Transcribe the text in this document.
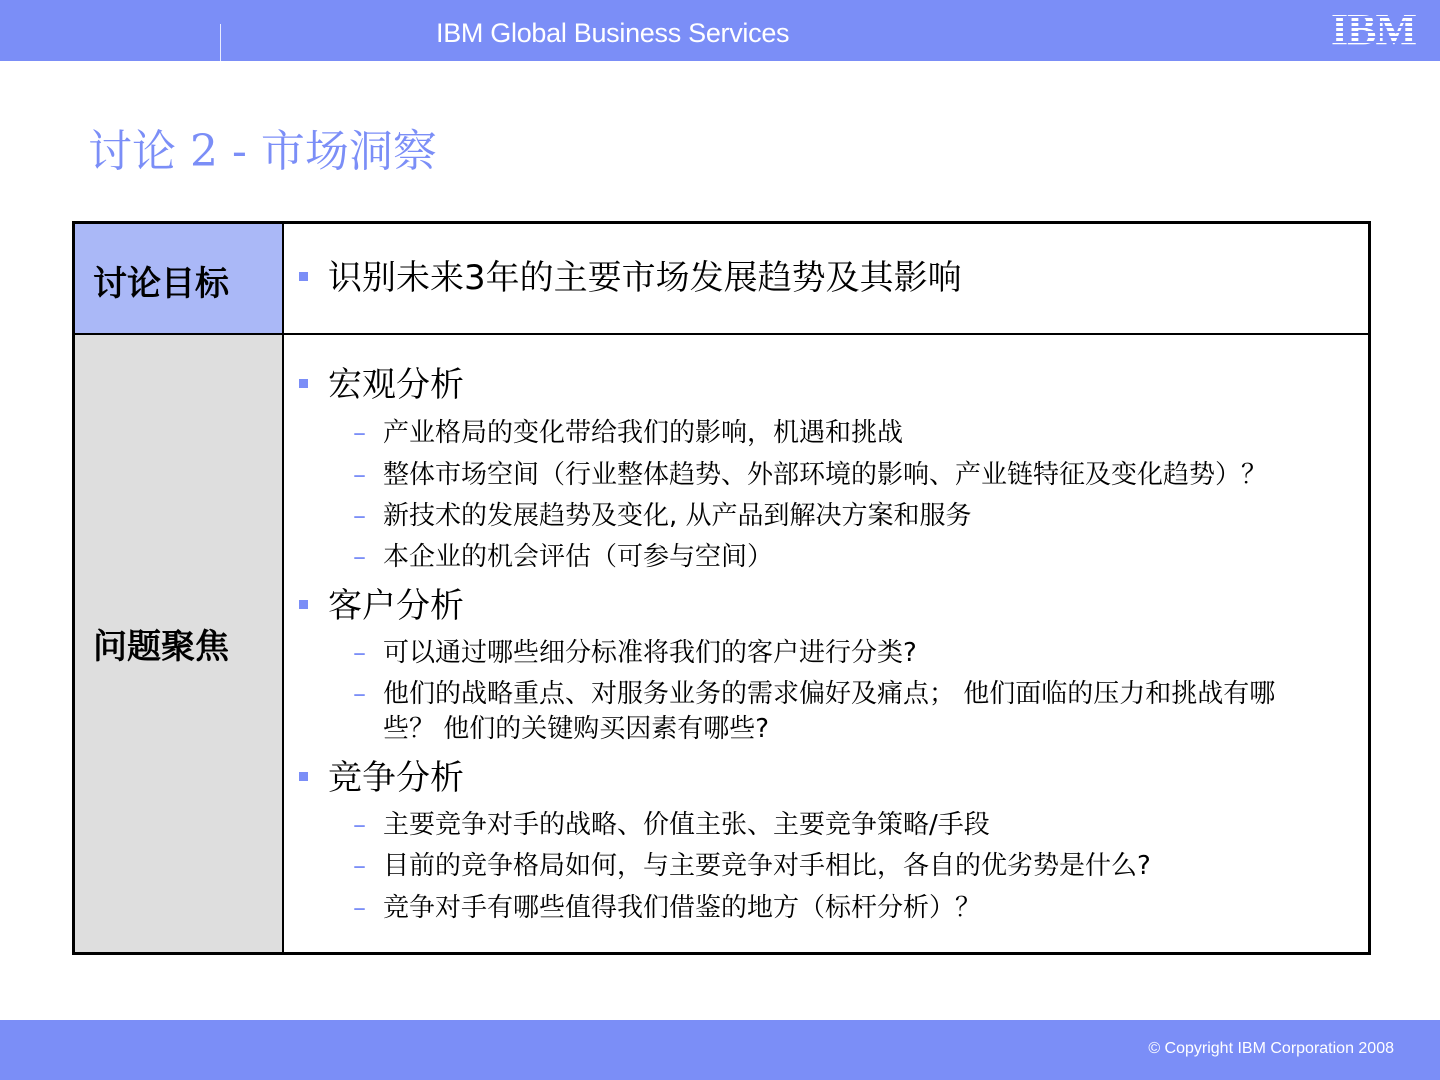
IBM Global Business Services	IBM
讨论 2 - 市场洞察
讨论目标
问题聚焦
识别未来3年的主要市场发展趋势及其影响
宏观分析
– 产业格局的变化带给我们的影响，机遇和挑战
– 整体市场空间（行业整体趋势、外部环境的影响、产业链特征及变化趋势）？
– 新技术的发展趋势及变化, 从产品到解决方案和服务
– 本企业的机会评估（可参与空间）
客户分析
– 可以通过哪些细分标准将我们的客户进行分类?
– 他们的战略重点、对服务业务的需求偏好及痛点； 他们面临的压力和挑战有哪
些？ 他们的关键购买因素有哪些?
竞争分析
– 主要竞争对手的战略、价值主张、主要竞争策略/手段
– 目前的竞争格局如何，与主要竞争对手相比，各自的优劣势是什么?
– 竞争对手有哪些值得我们借鉴的地方（标杆分析）？
© Copyright IBM Corporation 2008
